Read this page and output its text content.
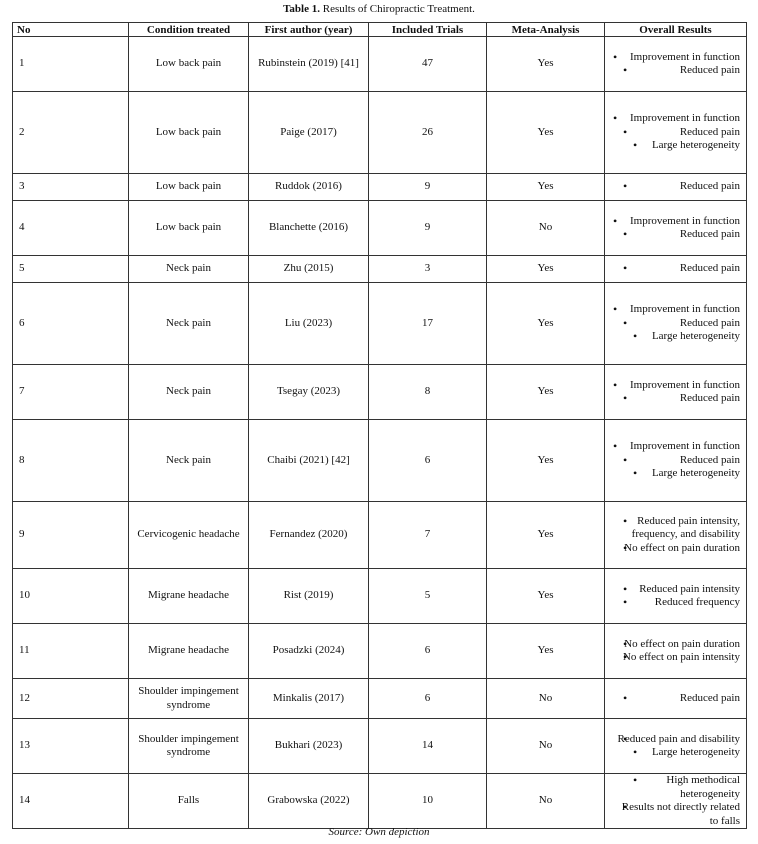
Table 1. Results of Chiropractic Treatment.
No	Condition treated	First author (year)	Included Trials	Meta-Analysis	Overall Results
1	Low back pain	Rubinstein (2019) [41]	47	Yes	• Improvement in function
• Reduced pain

2	Low back pain	Paige (2017)	26	Yes	• Improvement in function
• Reduced pain
• Large heterogeneity

3	Low back pain	Ruddok (2016)	9	Yes	• Reduced pain

4	Low back pain	Blanchette (2016)	9	No	• Improvement in function
• Reduced pain

5	Neck pain	Zhu (2015)	3	Yes	• Reduced pain

6	Neck pain	Liu (2023)	17	Yes	• Improvement in function
• Reduced pain
• Large heterogeneity

7	Neck pain	Tsegay (2023)	8	Yes	• Improvement in function
• Reduced pain

8	Neck pain	Chaibi (2021) [42]	6	Yes	• Improvement in function
• Reduced pain
• Large heterogeneity

9	Cervicogenic headache	Fernandez (2020)	7	Yes	• Reduced pain intensity, frequency, and disability
• No effect on pain duration

10	Migrane headache	Rist (2019)	5	Yes	• Reduced pain intensity
• Reduced frequency

11	Migrane headache	Posadzki (2024)	6	Yes	• No effect on pain duration
• No effect on pain intensity

12	Shoulder impingement syndrome	Minkalis (2017)	6	No	• Reduced pain

13	Shoulder impingement syndrome	Bukhari (2023)	14	No	• Reduced pain and disability
• Large heterogeneity

14	Falls	Grabowska (2022)	10	No	• High methodical heterogeneity
• Results not directly related to falls
Source: Own depiction
